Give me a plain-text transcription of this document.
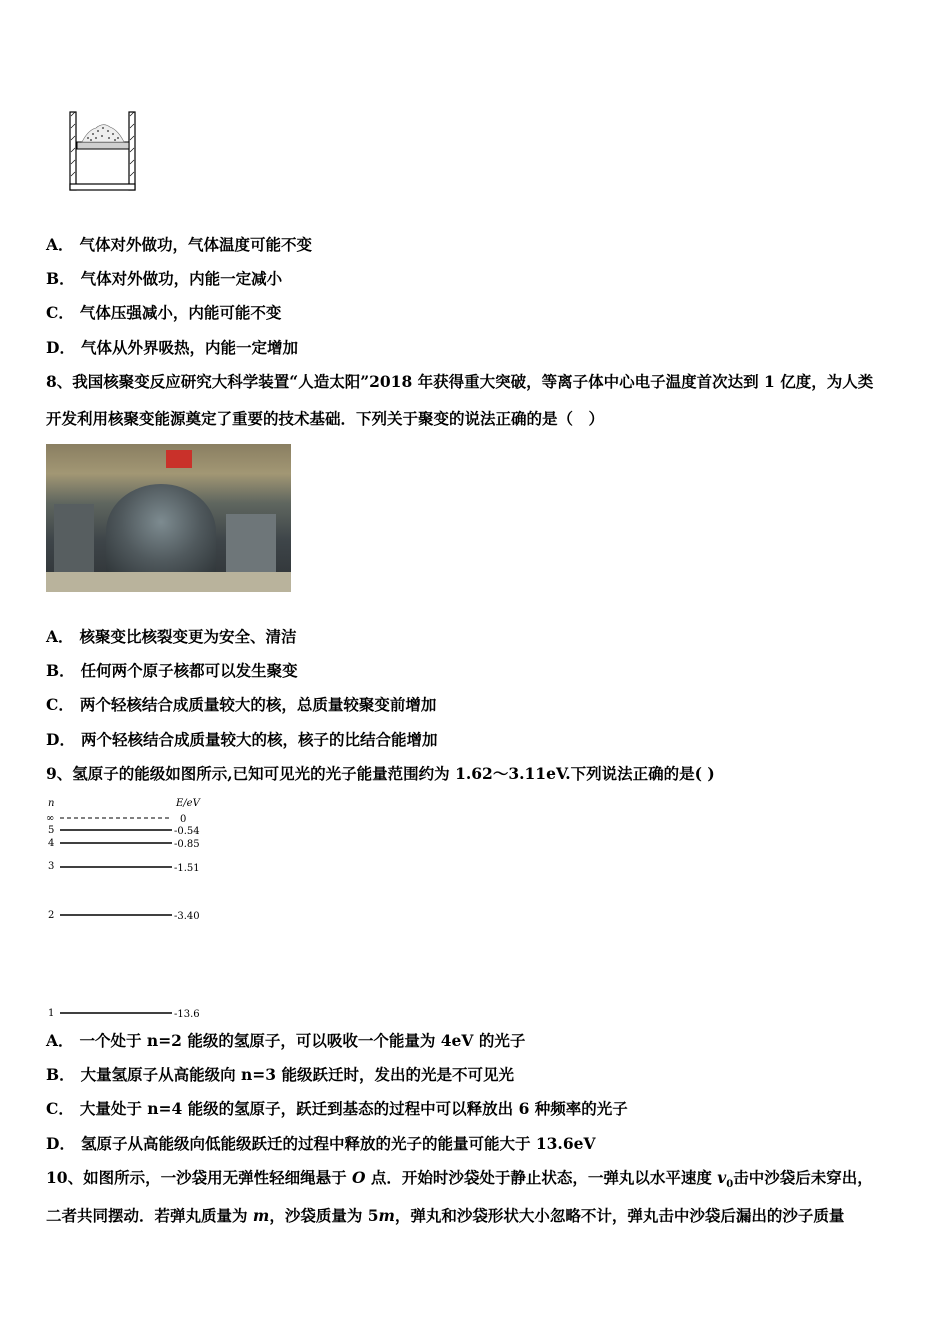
A． 气体对外做功，气体温度可能不变
B． 气体对外做功，内能一定减小
C． 气体压强减小，内能可能不变
D． 气体从外界吸热，内能一定增加
8、我国核聚变反应研究大科学装置“人造太阳”2018 年获得重大突破，等离子体中心电子温度首次达到 1 亿度，为人类
开发利用核聚变能源奠定了重要的技术基础．下列关于聚变的说法正确的是（　）
A． 核聚变比核裂变更为安全、清洁
B． 任何两个原子核都可以发生聚变
C． 两个轻核结合成质量较大的核，总质量较聚变前增加
D． 两个轻核结合成质量较大的核，核子的比结合能增加
9、氢原子的能级如图所示,已知可见光的光子能量范围约为 1.62～3.11eV.下列说法正确的是( )
n	E/eV
∞	0
5	-0.54
4	-0.85
3	-1.51
2	-3.40
1	-13.6
A． 一个处于 n=2 能级的氢原子，可以吸收一个能量为 4eV 的光子
B． 大量氢原子从高能级向 n=3 能级跃迁时，发出的光是不可见光
C． 大量处于 n=4 能级的氢原子，跃迁到基态的过程中可以释放出 6 种频率的光子
D． 氢原子从高能级向低能级跃迁的过程中释放的光子的能量可能大于 13.6eV
10、如图所示，一沙袋用无弹性轻细绳悬于 O 点．开始时沙袋处于静止状态，一弹丸以水平速度 $v_0$击中沙袋后未穿出，
二者共同摆动．若弹丸质量为 m，沙袋质量为 5m，弹丸和沙袋形状大小忽略不计，弹丸击中沙袋后漏出的沙子质量
